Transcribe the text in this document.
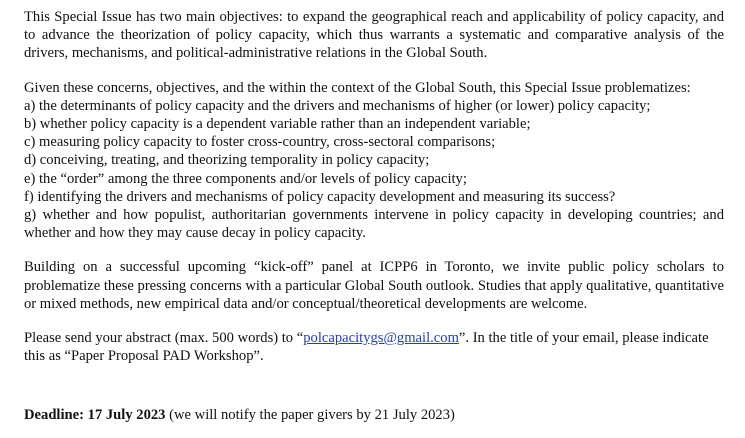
This Special Issue has two main objectives: to expand the geographical reach and applicability of policy capacity, and to advance the theorization of policy capacity, which thus warrants a systematic and comparative analysis of the drivers, mechanisms, and political-administrative relations in the Global South.

Given these concerns, objectives, and the within the context of the Global South, this Special Issue problematizes:
a) the determinants of policy capacity and the drivers and mechanisms of higher (or lower) policy capacity;
b) whether policy capacity is a dependent variable rather than an independent variable;
c) measuring policy capacity to foster cross-country, cross-sectoral comparisons;
d) conceiving, treating, and theorizing temporality in policy capacity;
e) the “order” among the three components and/or levels of policy capacity;
f) identifying the drivers and mechanisms of policy capacity development and measuring its success?
g) whether and how populist, authoritarian governments intervene in policy capacity in developing countries; and whether and how they may cause decay in policy capacity.

Building on a successful upcoming “kick-off” panel at ICPP6 in Toronto, we invite public policy scholars to problematize these pressing concerns with a particular Global South outlook. Studies that apply qualitative, quantitative or mixed methods, new empirical data and/or conceptual/theoretical developments are welcome.

Please send your abstract (max. 500 words) to “polcapacitygs@gmail.com”. In the title of your email, please indicate this as “Paper Proposal PAD Workshop”.

Deadline: 17 July 2023 (we will notify the paper givers by 21 July 2023)
